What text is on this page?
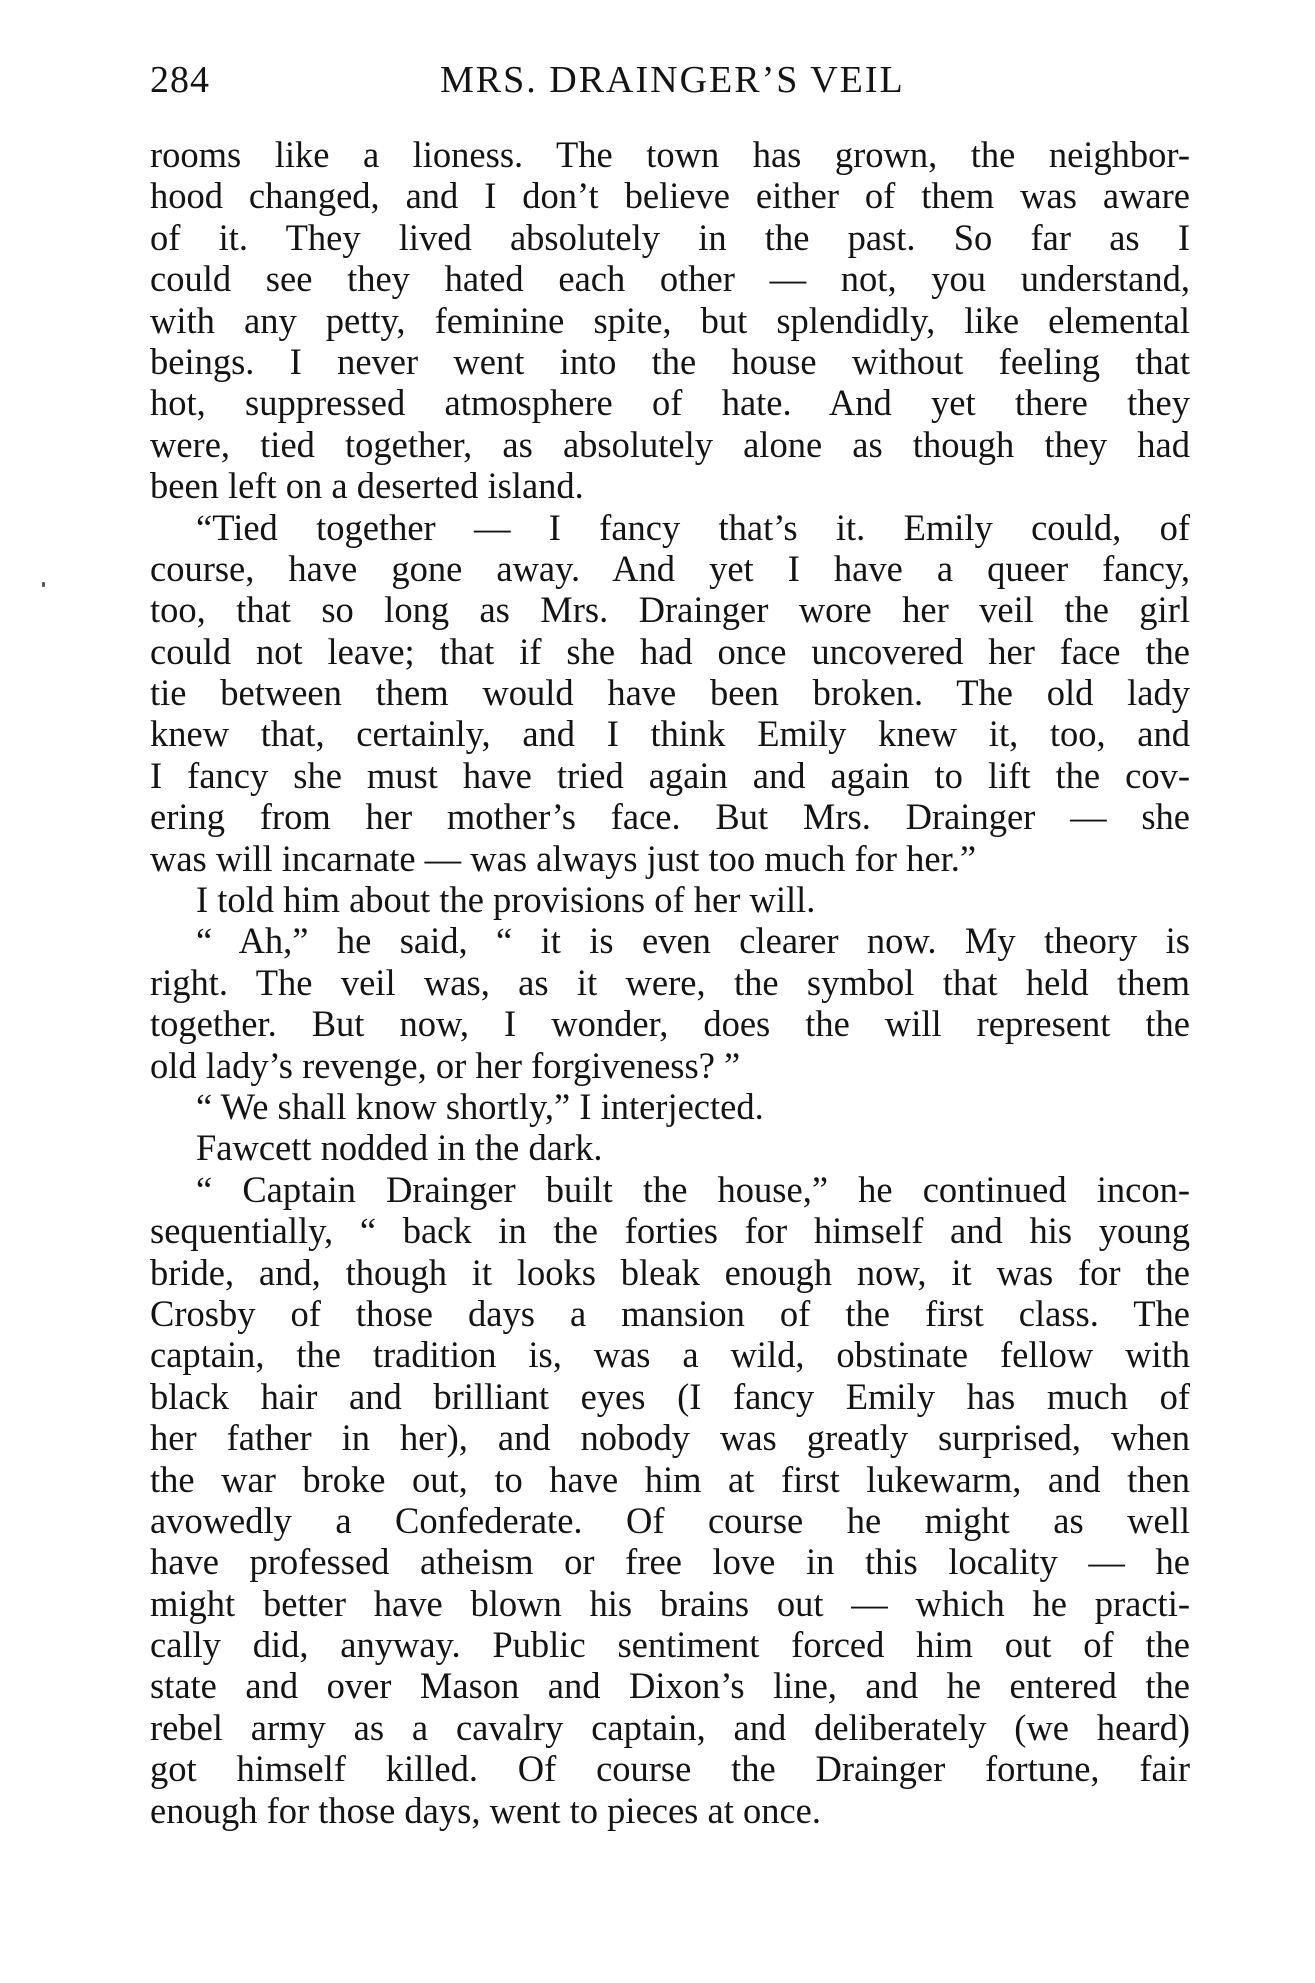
284	MRS. DRAINGER’S VEIL
rooms like a lioness. The town has grown, the neighbor-
hood changed, and I don’t believe either of them was aware
of it. They lived absolutely in the past. So far as I
could see they hated each other — not, you understand,
with any petty, feminine spite, but splendidly, like elemental
beings. I never went into the house without feeling that
hot, suppressed atmosphere of hate. And yet there they
were, tied together, as absolutely alone as though they had
been left on a deserted island.
“Tied together — I fancy that’s it. Emily could, of
course, have gone away. And yet I have a queer fancy,
too, that so long as Mrs. Drainger wore her veil the girl
could not leave; that if she had once uncovered her face the
tie between them would have been broken. The old lady
knew that, certainly, and I think Emily knew it, too, and
I fancy she must have tried again and again to lift the cov-
ering from her mother’s face. But Mrs. Drainger — she
was will incarnate — was always just too much for her.”
I told him about the provisions of her will.
“ Ah,” he said, “ it is even clearer now. My theory is
right. The veil was, as it were, the symbol that held them
together. But now, I wonder, does the will represent the
old lady’s revenge, or her forgiveness? ”
“ We shall know shortly,” I interjected.
Fawcett nodded in the dark.
“ Captain Drainger built the house,” he continued incon-
sequentially, “ back in the forties for himself and his young
bride, and, though it looks bleak enough now, it was for the
Crosby of those days a mansion of the first class. The
captain, the tradition is, was a wild, obstinate fellow with
black hair and brilliant eyes (I fancy Emily has much of
her father in her), and nobody was greatly surprised, when
the war broke out, to have him at first lukewarm, and then
avowedly a Confederate. Of course he might as well
have professed atheism or free love in this locality — he
might better have blown his brains out — which he practi-
cally did, anyway. Public sentiment forced him out of the
state and over Mason and Dixon’s line, and he entered the
rebel army as a cavalry captain, and deliberately (we heard)
got himself killed. Of course the Drainger fortune, fair
enough for those days, went to pieces at once.
